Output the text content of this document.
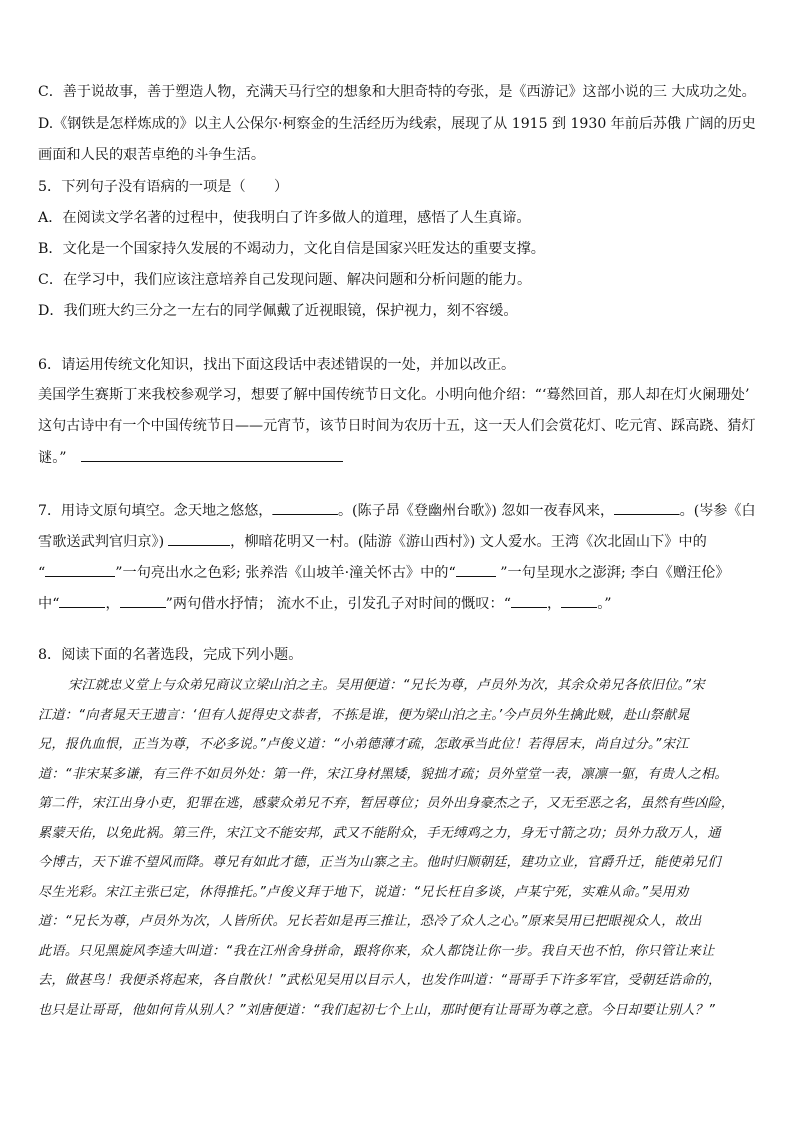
C．善于说故事，善于塑造人物，充满天马行空的想象和大胆奇特的夸张，是《西游记》这部小说的三 大成功之处。
D.《钢铁是怎样炼成的》以主人公保尔·柯察金的生活经历为线索，展现了从 1915 到 1930 年前后苏俄 广阔的历史
画面和人民的艰苦卓绝的斗争生活。
5．下列句子没有语病的一项是（　　）
A．在阅读文学名著的过程中，使我明白了许多做人的道理，感悟了人生真谛。
B．文化是一个国家持久发展的不竭动力，文化自信是国家兴旺发达的重要支撑。
C．在学习中，我们应该注意培养自己发现问题、解决问题和分析问题的能力。
D．我们班大约三分之一左右的同学佩戴了近视眼镜，保护视力，刻不容缓。
6．请运用传统文化知识，找出下面这段话中表述错误的一处，并加以改正。
美国学生赛斯丁来我校参观学习，想要了解中国传统节日文化。小明向他介绍：“‘蓦然回首，那人却在灯火阑珊处’
这句古诗中有一个中国传统节日——元宵节，该节日时间为农历十五，这一天人们会赏花灯、吃元宵、踩高跷、猜灯
谜。”
7．用诗文原句填空。念天地之悠悠，	。(陈子昂《登幽州台歌》) 忽如一夜春风来，	。(岑参《白
雪歌送武判官归京》)	，柳暗花明又一村。(陆游《游山西村》) 文人爱水。王湾《次北固山下》中的
“	”一句亮出水之色彩; 张养浩《山坡羊·潼关怀古》中的“	”一句呈现水之澎湃; 李白《赠汪伦》
中“	，	”两句借水抒情； 流水不止，引发孔子对时间的慨叹：“	，	。”
8．阅读下面的名著选段，完成下列小题。
宋江就忠义堂上与众弟兄商议立梁山泊之主。吴用便道：“兄长为尊，卢员外为次，其余众弟兄各依旧位。”宋
江道：“向者晁天王遗言：‘但有人捉得史文恭者，不拣是谁，便为梁山泊之主。’今卢员外生擒此贼，赴山祭献晁
兄，报仇血恨，正当为尊，不必多说。”卢俊义道：“小弟德薄才疏，怎敢承当此位！若得居末，尚自过分。”宋江
道：“非宋某多谦，有三件不如员外处：第一件，宋江身材黑矮，貌拙才疏；员外堂堂一表，凛凛一躯，有贵人之相。
第二件，宋江出身小吏，犯罪在逃，感蒙众弟兄不弃，暂居尊位；员外出身豪杰之子，又无至恶之名，虽然有些凶险，
累蒙天佑，以免此祸。第三件，宋江文不能安邦，武又不能附众，手无缚鸡之力，身无寸箭之功；员外力敌万人，通
今博古，天下谁不望风而降。尊兄有如此才德，正当为山寨之主。他时归顺朝廷，建功立业，官爵升迁，能使弟兄们
尽生光彩。宋江主张已定，休得推托。”卢俊义拜于地下，说道：“兄长枉自多谈，卢某宁死，实难从命。”吴用劝
道：“兄长为尊，卢员外为次，人皆所伏。兄长若如是再三推让，恐冷了众人之心。”原来吴用已把眼视众人，故出
此语。只见黑旋风李逵大叫道：“我在江州舍身拼命，跟将你来，众人都饶让你一步。我自天也不怕，你只管让来让
去，做甚鸟！我便杀将起来，各自散伙！”武松见吴用以目示人，也发作叫道：“哥哥手下许多军官，受朝廷诰命的，
也只是让哥哥，他如何肯从别人？”刘唐便道：“我们起初七个上山，那时便有让哥哥为尊之意。今日却要让别人？”
